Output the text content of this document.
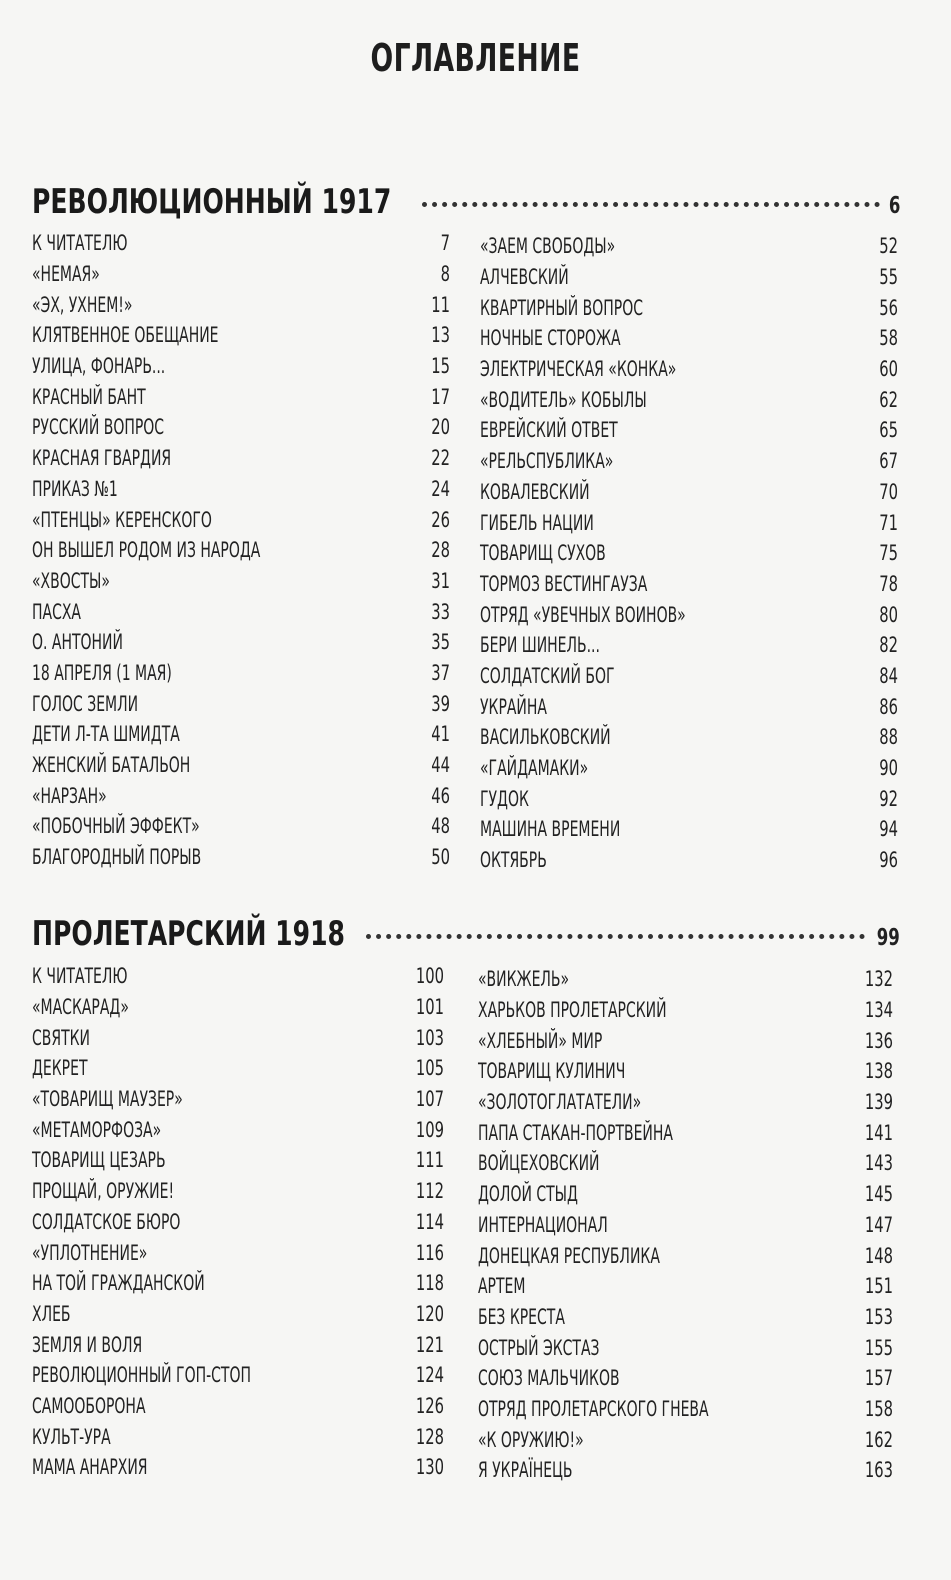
ОГЛАВЛЕНИЕ
РЕВОЛЮЦИОННЫЙ 1917	6
К ЧИТАТЕЛЮ	7
«НЕМАЯ»	8
«ЭХ, УХНЕМ!»	11
КЛЯТВЕННОЕ ОБЕЩАНИЕ	13
УЛИЦА, ФОНАРЬ...	15
КРАСНЫЙ БАНТ	17
РУССКИЙ ВОПРОС	20
КРАСНАЯ ГВАРДИЯ	22
ПРИКАЗ №1	24
«ПТЕНЦЫ» КЕРЕНСКОГО	26
ОН ВЫШЕЛ РОДОМ ИЗ НАРОДА	28
«ХВОСТЫ»	31
ПАСХА	33
О. АНТОНИЙ	35
18 АПРЕЛЯ (1 МАЯ)	37
ГОЛОС ЗЕМЛИ	39
ДЕТИ Л-ТА ШМИДТА	41
ЖЕНСКИЙ БАТАЛЬОН	44
«НАРЗАН»	46
«ПОБОЧНЫЙ ЭФФЕКТ»	48
БЛАГОРОДНЫЙ ПОРЫВ	50
«ЗАЕМ СВОБОДЫ»	52
АЛЧЕВСКИЙ	55
КВАРТИРНЫЙ ВОПРОС	56
НОЧНЫЕ СТОРОЖА	58
ЭЛЕКТРИЧЕСКАЯ «КОНКА»	60
«ВОДИТЕЛЬ» КОБЫЛЫ	62
ЕВРЕЙСКИЙ ОТВЕТ	65
«РЕЛЬСПУБЛИКА»	67
КОВАЛЕВСКИЙ	70
ГИБЕЛЬ НАЦИИ	71
ТОВАРИЩ СУХОВ	75
ТОРМОЗ ВЕСТИНГАУЗА	78
ОТРЯД «УВЕЧНЫХ ВОИНОВ»	80
БЕРИ ШИНЕЛЬ...	82
СОЛДАТСКИЙ БОГ	84
УКРАЙНА	86
ВАСИЛЬКОВСКИЙ	88
«ГАЙДАМАКИ»	90
ГУДОК	92
МАШИНА ВРЕМЕНИ	94
ОКТЯБРЬ	96
ПРОЛЕТАРСКИЙ 1918	99
К ЧИТАТЕЛЮ	100
«МАСКАРАД»	101
СВЯТКИ	103
ДЕКРЕТ	105
«ТОВАРИЩ МАУЗЕР»	107
«МЕТАМОРФОЗА»	109
ТОВАРИЩ ЦЕЗАРЬ	111
ПРОЩАЙ, ОРУЖИЕ!	112
СОЛДАТСКОЕ БЮРО	114
«УПЛОТНЕНИЕ»	116
НА ТОЙ ГРАЖДАНСКОЙ	118
ХЛЕБ	120
ЗЕМЛЯ И ВОЛЯ	121
РЕВОЛЮЦИОННЫЙ ГОП-СТОП	124
САМООБОРОНА	126
КУЛЬТ-УРА	128
МАМА АНАРХИЯ	130
«ВИКЖЕЛЬ»	132
ХАРЬКОВ ПРОЛЕТАРСКИЙ	134
«ХЛЕБНЫЙ» МИР	136
ТОВАРИЩ КУЛИНИЧ	138
«ЗОЛОТОГЛАТАТЕЛИ»	139
ПАПА СТАКАН-ПОРТВЕЙНА	141
ВОЙЦЕХОВСКИЙ	143
ДОЛОЙ СТЫД	145
ИНТЕРНАЦИОНАЛ	147
ДОНЕЦКАЯ РЕСПУБЛИКА	148
АРТЕМ	151
БЕЗ КРЕСТА	153
ОСТРЫЙ ЭКСТАЗ	155
СОЮЗ МАЛЬЧИКОВ	157
ОТРЯД ПРОЛЕТАРСКОГО ГНЕВА	158
«К ОРУЖИЮ!»	162
Я УКРАЇНЕЦЬ	163
